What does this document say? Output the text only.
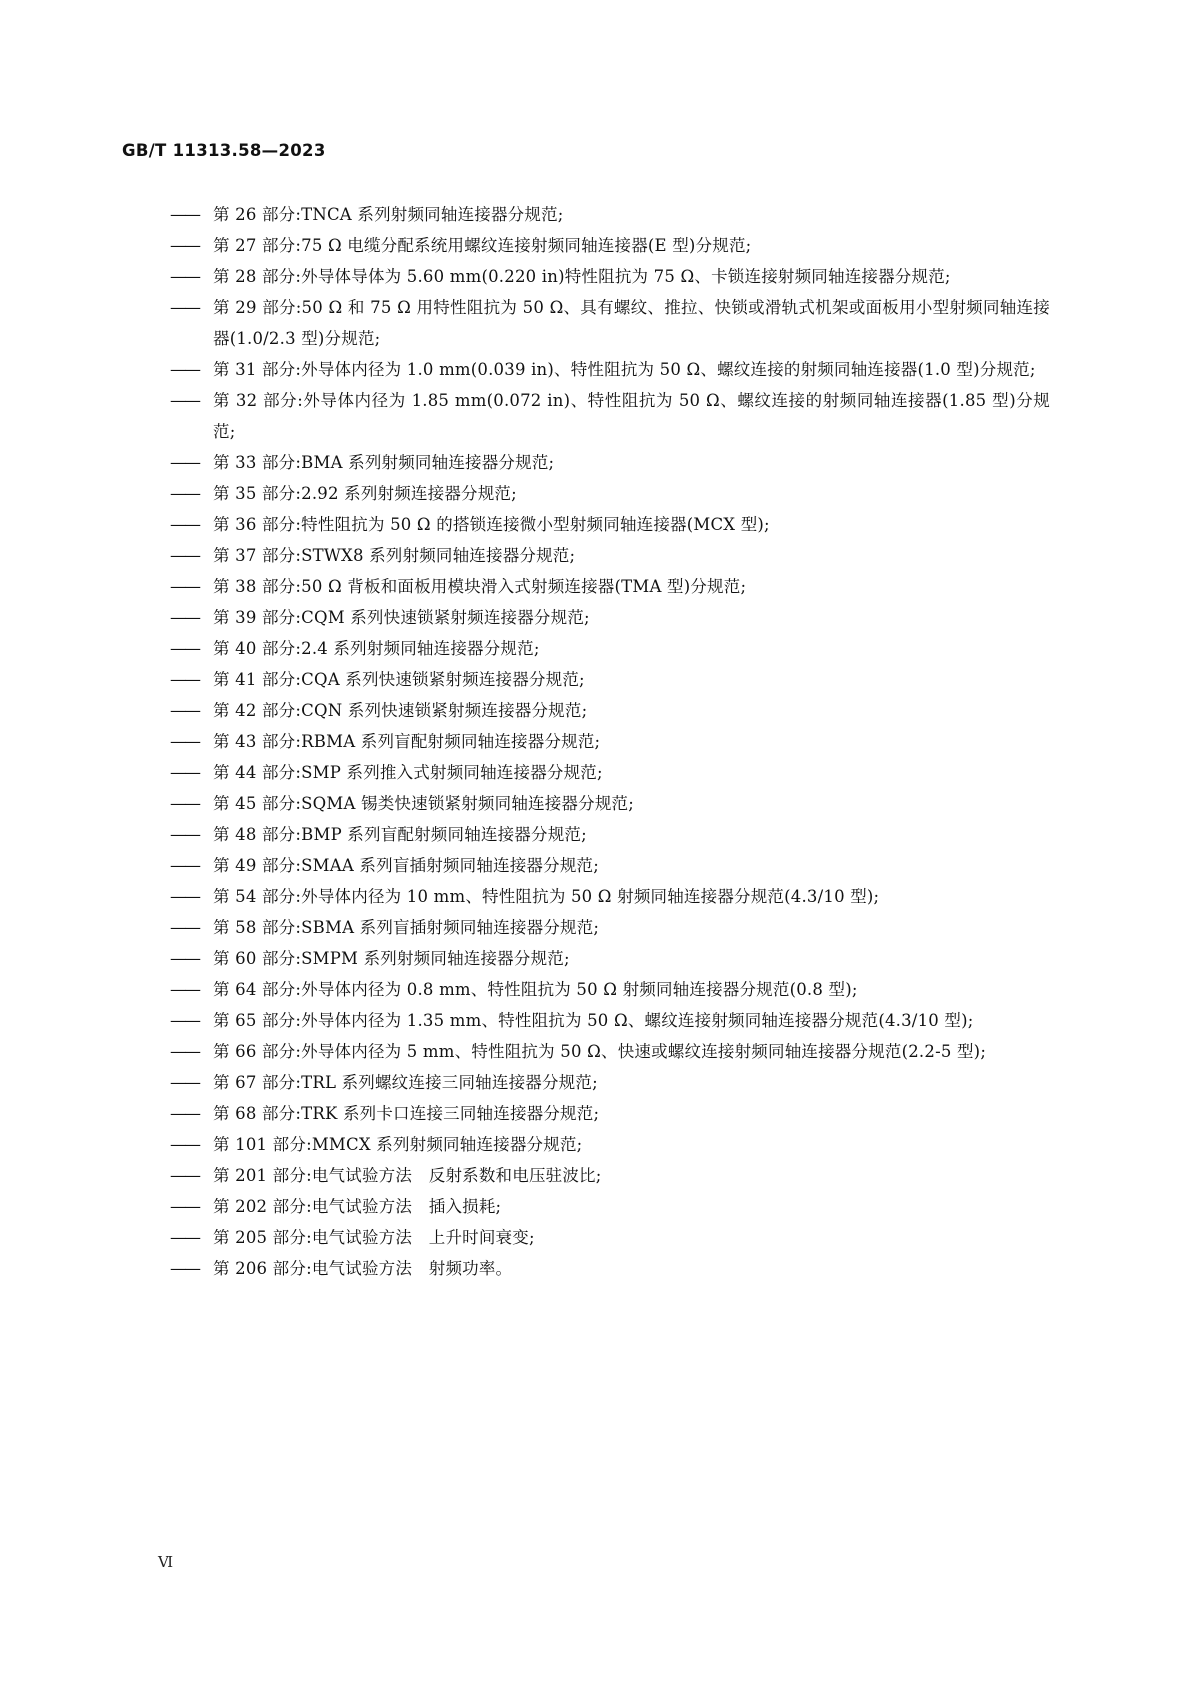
GB/T 11313.58—2023
—— 第 26 部分:TNCA 系列射频同轴连接器分规范;
—— 第 27 部分:75 Ω 电缆分配系统用螺纹连接射频同轴连接器(E 型)分规范;
—— 第 28 部分:外导体导体为 5.60 mm(0.220 in)特性阻抗为 75 Ω、卡锁连接射频同轴连接器分规范;
—— 第 29 部分:50 Ω 和 75 Ω 用特性阻抗为 50 Ω、具有螺纹、推拉、快锁或滑轨式机架或面板用小型射频同轴连接器(1.0/2.3 型)分规范;
—— 第 31 部分:外导体内径为 1.0 mm(0.039 in)、特性阻抗为 50 Ω、螺纹连接的射频同轴连接器(1.0 型)分规范;
—— 第 32 部分:外导体内径为 1.85 mm(0.072 in)、特性阻抗为 50 Ω、螺纹连接的射频同轴连接器(1.85 型)分规范;
—— 第 33 部分:BMA 系列射频同轴连接器分规范;
—— 第 35 部分:2.92 系列射频连接器分规范;
—— 第 36 部分:特性阻抗为 50 Ω 的搭锁连接微小型射频同轴连接器(MCX 型);
—— 第 37 部分:STWX8 系列射频同轴连接器分规范;
—— 第 38 部分:50 Ω 背板和面板用模块滑入式射频连接器(TMA 型)分规范;
—— 第 39 部分:CQM 系列快速锁紧射频连接器分规范;
—— 第 40 部分:2.4 系列射频同轴连接器分规范;
—— 第 41 部分:CQA 系列快速锁紧射频连接器分规范;
—— 第 42 部分:CQN 系列快速锁紧射频连接器分规范;
—— 第 43 部分:RBMA 系列盲配射频同轴连接器分规范;
—— 第 44 部分:SMP 系列推入式射频同轴连接器分规范;
—— 第 45 部分:SQMA 锡类快速锁紧射频同轴连接器分规范;
—— 第 48 部分:BMP 系列盲配射频同轴连接器分规范;
—— 第 49 部分:SMAA 系列盲插射频同轴连接器分规范;
—— 第 54 部分:外导体内径为 10 mm、特性阻抗为 50 Ω 射频同轴连接器分规范(4.3/10 型);
—— 第 58 部分:SBMA 系列盲插射频同轴连接器分规范;
—— 第 60 部分:SMPM 系列射频同轴连接器分规范;
—— 第 64 部分:外导体内径为 0.8 mm、特性阻抗为 50 Ω 射频同轴连接器分规范(0.8 型);
—— 第 65 部分:外导体内径为 1.35 mm、特性阻抗为 50 Ω、螺纹连接射频同轴连接器分规范(4.3/10 型);
—— 第 66 部分:外导体内径为 5 mm、特性阻抗为 50 Ω、快速或螺纹连接射频同轴连接器分规范(2.2-5 型);
—— 第 67 部分:TRL 系列螺纹连接三同轴连接器分规范;
—— 第 68 部分:TRK 系列卡口连接三同轴连接器分规范;
—— 第 101 部分:MMCX 系列射频同轴连接器分规范;
—— 第 201 部分:电气试验方法　反射系数和电压驻波比;
—— 第 202 部分:电气试验方法　插入损耗;
—— 第 205 部分:电气试验方法　上升时间衰变;
—— 第 206 部分:电气试验方法　射频功率。
Ⅵ
